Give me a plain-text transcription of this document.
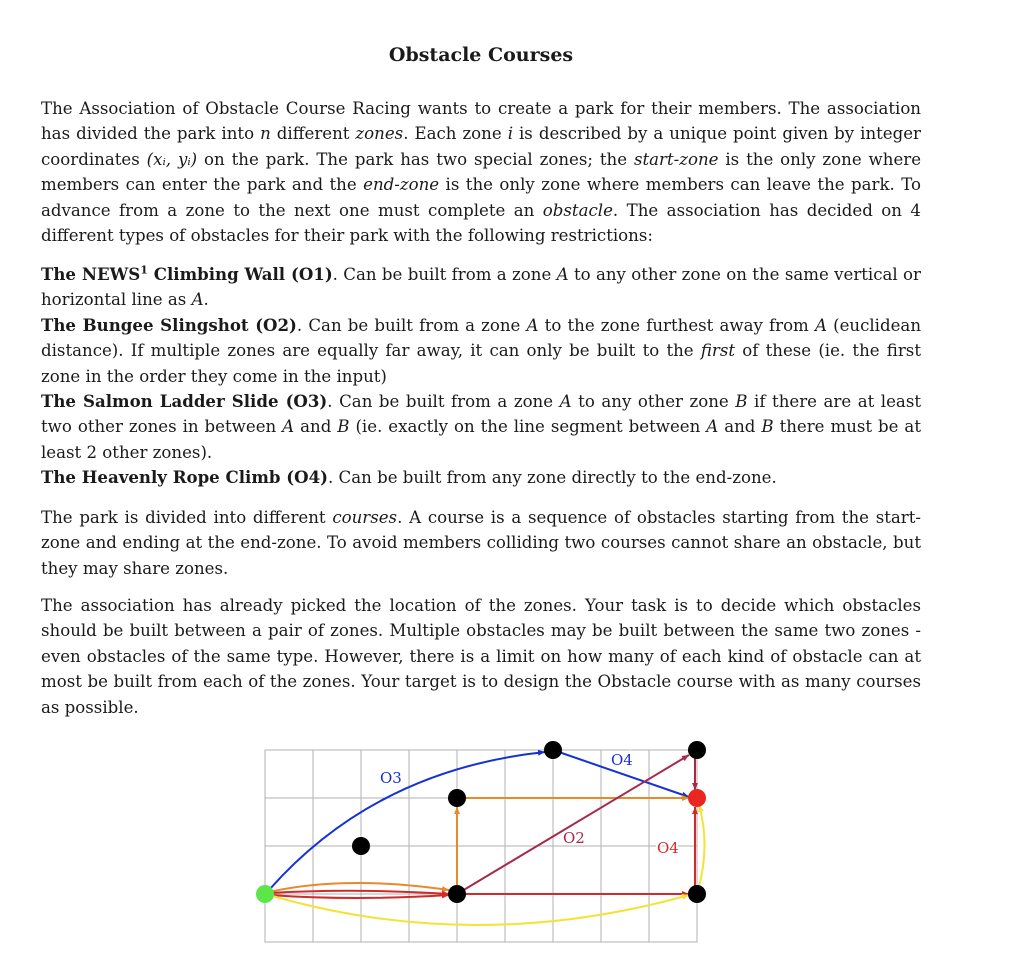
Obstacle Courses

The Association of Obstacle Course Racing wants to create a park for their members. The association has divided the park into n different zones. Each zone i is described by a unique point given by integer coordinates (xᵢ, yᵢ) on the park. The park has two special zones; the start-zone is the only zone where members can enter the park and the end-zone is the only zone where members can leave the park. To advance from a zone to the next one must complete an obstacle. The association has decided on 4 different types of obstacles for their park with the following restrictions:

The NEWS$^1$ Climbing Wall (O1). Can be built from a zone A to any other zone on the same vertical or horizontal line as A.

The Bungee Slingshot (O2). Can be built from a zone A to the zone furthest away from A (euclidean distance). If multiple zones are equally far away, it can only be built to the first of these (ie. the first zone in the order they come in the input)

The Salmon Ladder Slide (O3). Can be built from a zone A to any other zone B if there are at least two other zones in between A and B (ie. exactly on the line segment between A and B there must be at least 2 other zones).

The Heavenly Rope Climb (O4). Can be built from any zone directly to the end-zone.

The park is divided into different courses. A course is a sequence of obstacles starting from the start-zone and ending at the end-zone. To avoid members colliding two courses cannot share an obstacle, but they may share zones.

The association has already picked the location of the zones. Your task is to decide which obstacles should be built between a pair of zones. Multiple obstacles may be built between the same two zones - even obstacles of the same type. However, there is a limit on how many of each kind of obstacle can at most be built from each of the zones. Your target is to design the Obstacle course with as many courses as possible.

O3
O4
O2
O4
